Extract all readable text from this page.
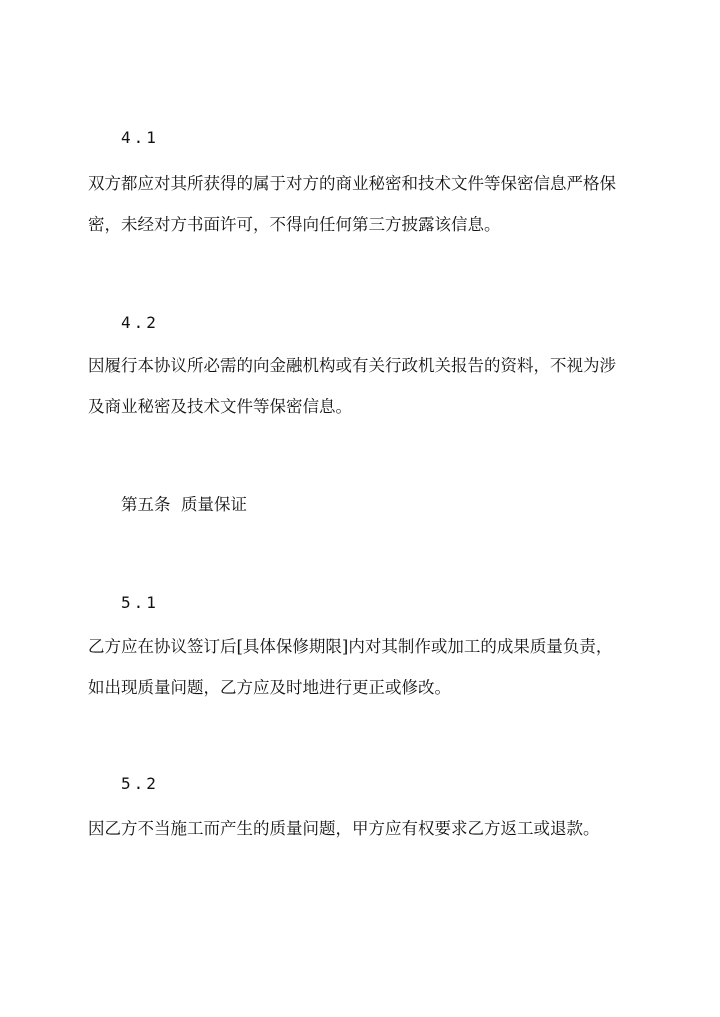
4.1
双方都应对其所获得的属于对方的商业秘密和技术文件等保密信息严格保
密，未经对方书面许可，不得向任何第三方披露该信息。
4.2
因履行本协议所必需的向金融机构或有关行政机关报告的资料，不视为涉
及商业秘密及技术文件等保密信息。
第五条  质量保证
5.1
乙方应在协议签订后[具体保修期限]内对其制作或加工的成果质量负责，
如出现质量问题，乙方应及时地进行更正或修改。
5.2
因乙方不当施工而产生的质量问题，甲方应有权要求乙方返工或退款。
